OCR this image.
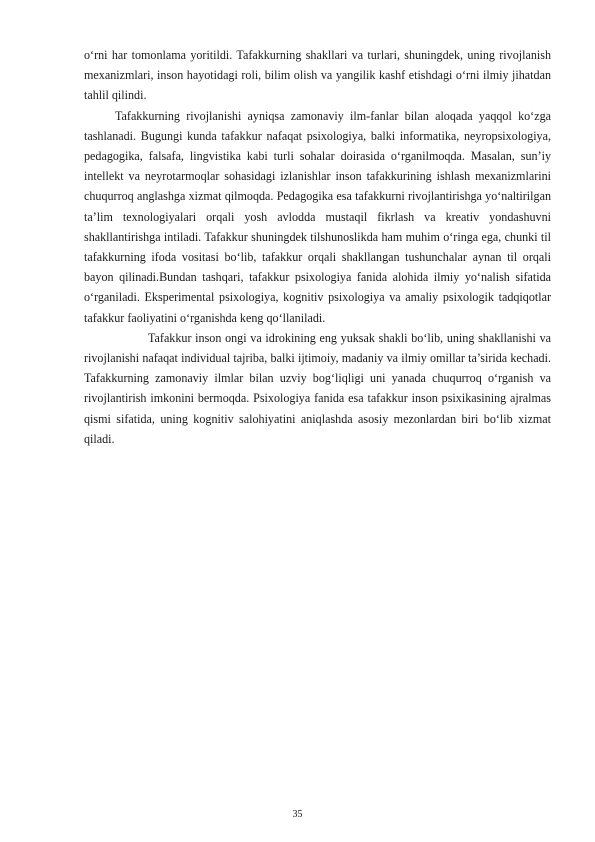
o‘rni har tomonlama yoritildi. Tafakkurning shakllari va turlari, shuningdek, uning rivojlanish mexanizmlari, inson hayotidagi roli, bilim olish va yangilik kashf etishdagi o‘rni ilmiy jihatdan tahlil qilindi.

Tafakkurning rivojlanishi ayniqsa zamonaviy ilm-fanlar bilan aloqada yaqqol ko‘zga tashlanadi. Bugungi kunda tafakkur nafaqat psixologiya, balki informatika, neyropsixologiya, pedagogika, falsafa, lingvistika kabi turli sohalar doirasida o‘rganilmoqda. Masalan, sun’iy intellekt va neyrotarmoqlar sohasidagi izlanishlar inson tafakkurining ishlash mexanizmlarini chuqurroq anglashga xizmat qilmoqda. Pedagogika esa tafakkurni rivojlantirishga yo‘naltirilgan ta’lim texnologiyalari orqali yosh avlodda mustaqil fikrlash va kreativ yondashuvni shakllantirishga intiladi. Tafakkur shuningdek tilshunoslikda ham muhim o‘ringa ega, chunki til tafakkurning ifoda vositasi bo‘lib, tafakkur orqali shakllangan tushunchalar aynan til orqali bayon qilinadi.Bundan tashqari, tafakkur psixologiya fanida alohida ilmiy yo‘nalish sifatida o‘rganiladi. Eksperimental psixologiya, kognitiv psixologiya va amaliy psixologik tadqiqotlar tafakkur faoliyatini o‘rganishda keng qo‘llaniladi.

Tafakkur inson ongi va idrokining eng yuksak shakli bo‘lib, uning shakllanishi va rivojlanishi nafaqat individual tajriba, balki ijtimoiy, madaniy va ilmiy omillar ta’sirida kechadi. Tafakkurning zamonaviy ilmlar bilan uzviy bog‘liqligi uni yanada chuqurroq o‘rganish va rivojlantirish imkonini bermoqda. Psixologiya fanida esa tafakkur inson psixikasining ajralmas qismi sifatida, uning kognitiv salohiyatini aniqlashda asosiy mezonlardan biri bo‘lib xizmat qiladi.

35
